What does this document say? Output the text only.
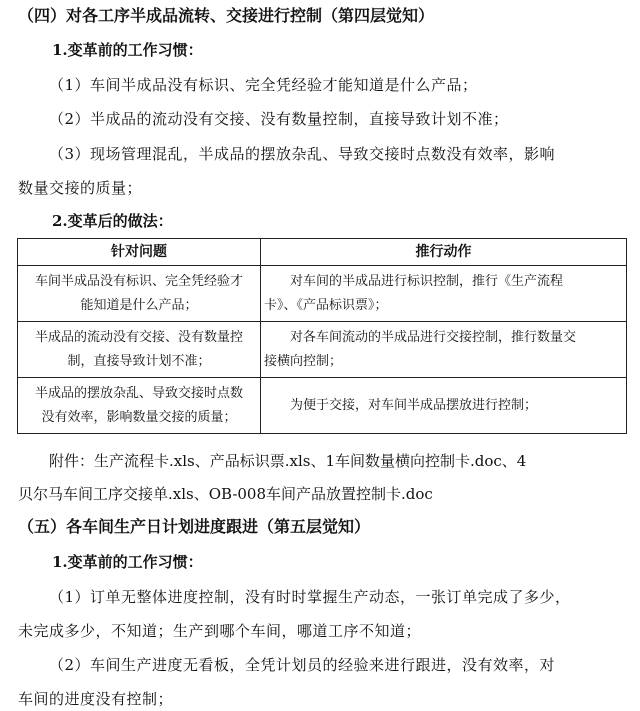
（四）对各工序半成品流转、交接进行控制（第四层觉知）
1.变革前的工作习惯：
（1）车间半成品没有标识、完全凭经验才能知道是什么产品；
（2）半成品的流动没有交接、没有数量控制，直接导致计划不准；
（3）现场管理混乱，半成品的摆放杂乱、导致交接时点数没有效率，影响
数量交接的质量；
2.变革后的做法：
针对问题	推行动作
车间半成品没有标识、完全凭经验才
能知道是什么产品；	对车间的半成品进行标识控制，推行《生产流程
卡》、《产品标识票》；
半成品的流动没有交接、没有数量控
制，直接导致计划不准；	对各车间流动的半成品进行交接控制，推行数量交
接横向控制；
半成品的摆放杂乱、导致交接时点数
没有效率，影响数量交接的质量；	为便于交接，对车间半成品摆放进行控制；
附件：生产流程卡.xls、产品标识票.xls、1车间数量横向控制卡.doc、4
贝尔马车间工序交接单.xls、OB-008车间产品放置控制卡.doc
（五）各车间生产日计划进度跟进（第五层觉知）
1.变革前的工作习惯：
（1）订单无整体进度控制，没有时时掌握生产动态，一张订单完成了多少，
未完成多少，不知道；生产到哪个车间，哪道工序不知道；
（2）车间生产进度无看板，全凭计划员的经验来进行跟进，没有效率，对
车间的进度没有控制；
